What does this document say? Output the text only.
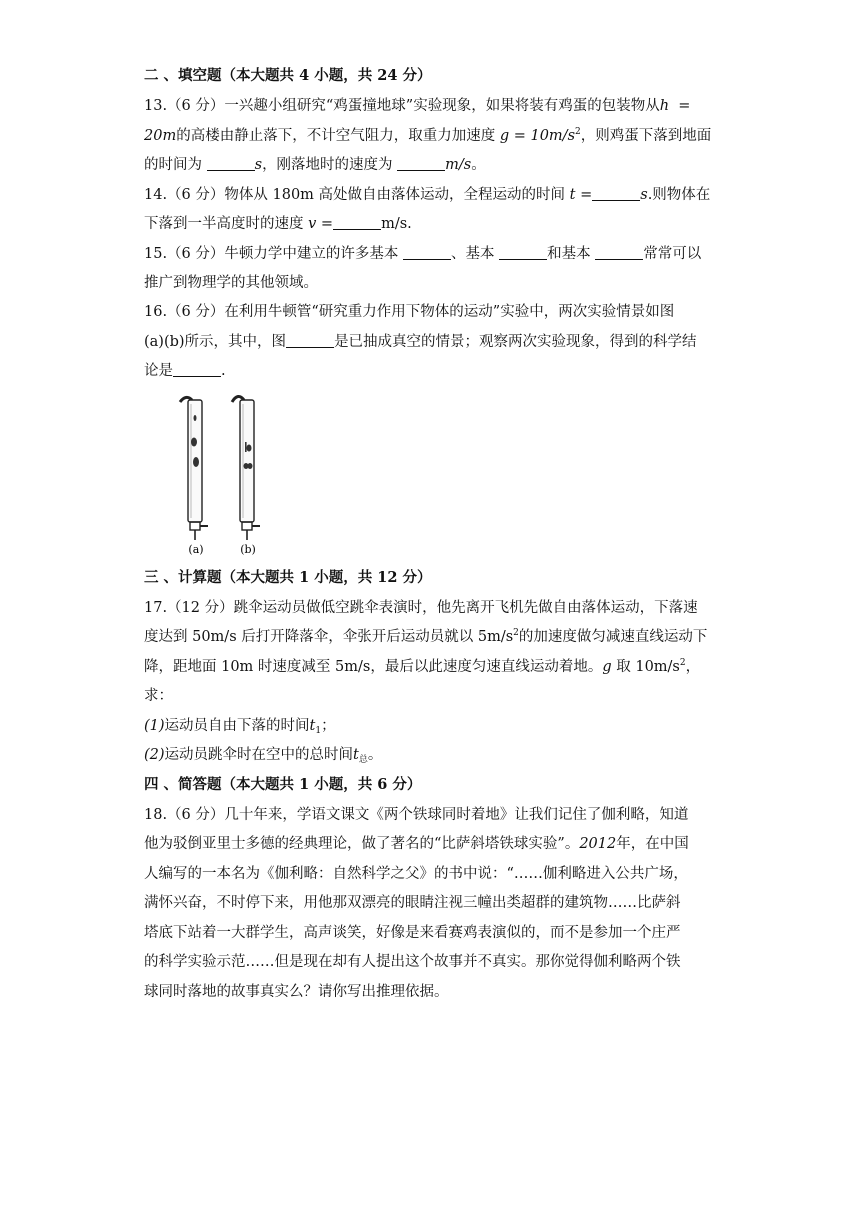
二 、填空题（本大题共 4 小题，共 24 分）
13.（6 分）一兴趣小组研究“鸡蛋撞地球”实验现象，如果将装有鸡蛋的包装物从h =
20m的高楼由静止落下，不计空气阻力，取重力加速度 $g = 10m/s^2$，则鸡蛋下落到地面
的时间为	s，刚落地时的速度为	m/s。
14.（6 分）物体从 180m 高处做自由落体运动，全程运动的时间 t =	s.则物体在
下落到一半高度时的速度 v =	m/s.
15.（6 分）牛顿力学中建立的许多基本	、基本	和基本	常常可以
推广到物理学的其他领域。
16.（6 分）在利用牛顿管“研究重力作用下物体的运动”实验中，两次实验情景如图
(a)(b)所示，其中，图	是已抽成真空的情景；观察两次实验现象，得到的科学结
论是	.
(a)	(b)
三 、计算题（本大题共 1 小题，共 12 分）
17.（12 分）跳伞运动员做低空跳伞表演时，他先离开飞机先做自由落体运动，下落速
度达到 50m/s 后打开降落伞，伞张开后运动员就以 $5m/s^2$的加速度做匀减速直线运动下
降，距地面 10m 时速度减至 5m/s，最后以此速度匀速直线运动着地。g 取 $10m/s^2$，
求：
(1)运动员自由下落的时间$t_1$；
(2)运动员跳伞时在空中的总时间$t_总$。
四 、简答题（本大题共 1 小题，共 6 分）
18.（6 分）几十年来，学语文课文《两个铁球同时着地》让我们记住了伽利略，知道
他为驳倒亚里士多德的经典理论，做了著名的“比萨斜塔铁球实验”。2012年，在中国
人编写的一本名为《伽利略：自然科学之父》的书中说：“……伽利略进入公共广场，
满怀兴奋，不时停下来，用他那双漂亮的眼睛注视三幢出类超群的建筑物……比萨斜
塔底下站着一大群学生，高声谈笑，好像是来看赛鸡表演似的，而不是参加一个庄严
的科学实验示范……但是现在却有人提出这个故事并不真实。那你觉得伽利略两个铁
球同时落地的故事真实么？请你写出推理依据。
